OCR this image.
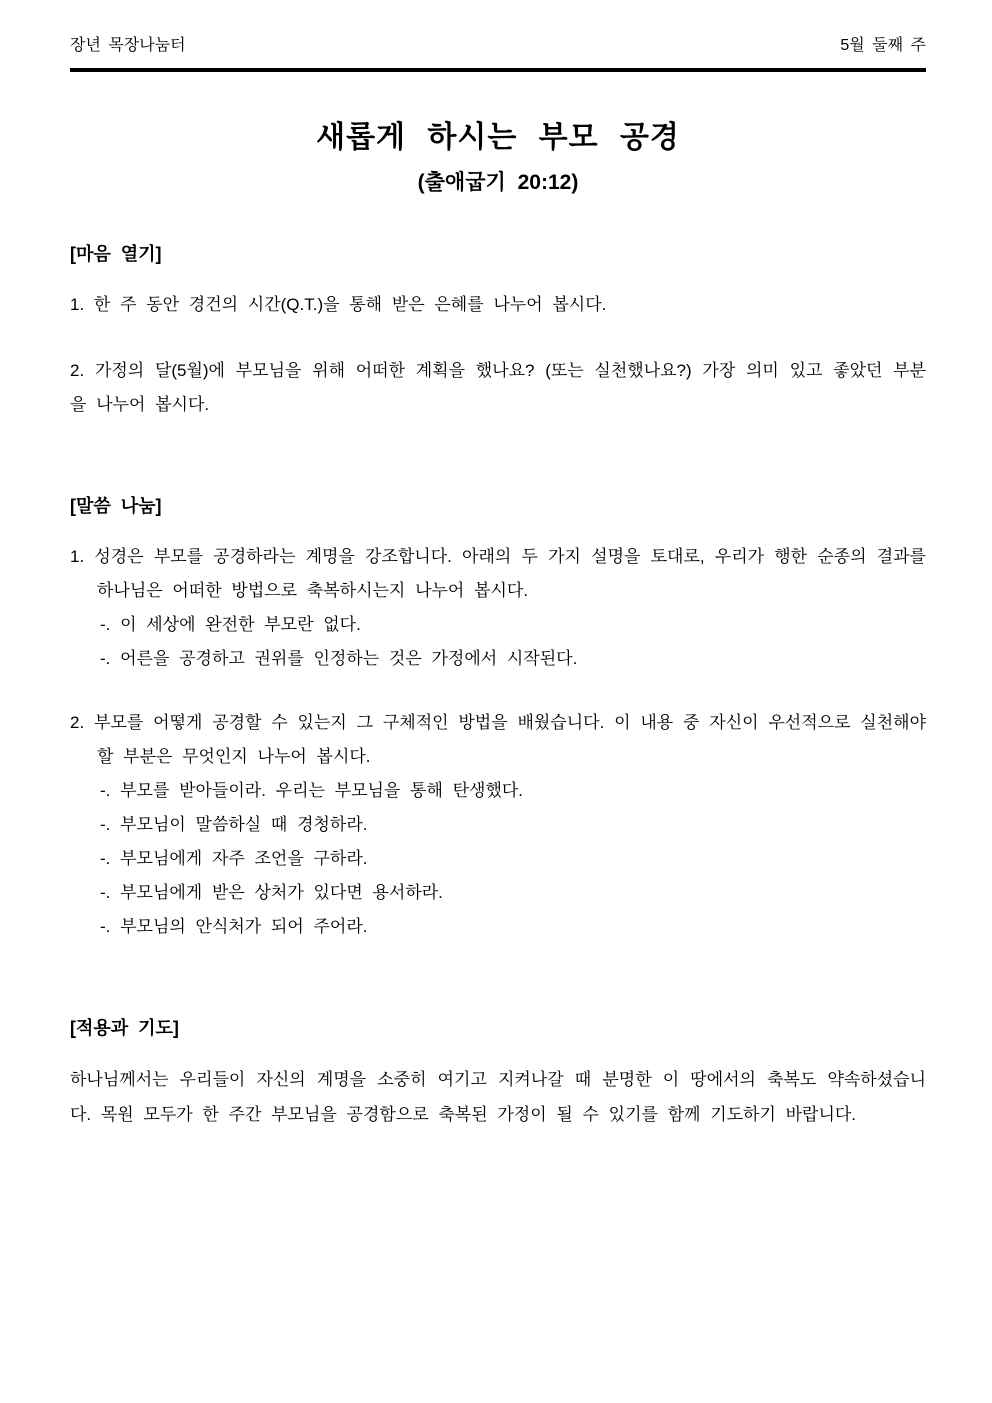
장년 목장나눔터	5월 둘째 주
새롭게 하시는 부모 공경
(출애굽기 20:12)
[마음 열기]

1. 한 주 동안 경건의 시간(Q.T.)을 통해 받은 은혜를 나누어 봅시다.

2. 가정의 달(5월)에 부모님을 위해 어떠한 계획을 했나요? (또는 실천했나요?) 가장 의미 있고 좋았던 부분을 나누어 봅시다.

[말씀 나눔]

1. 성경은 부모를 공경하라는 계명을 강조합니다. 아래의 두 가지 설명을 토대로, 우리가 행한 순종의 결과를 하나님은 어떠한 방법으로 축복하시는지 나누어 봅시다.

-. 이 세상에 완전한 부모란 없다.
-. 어른을 공경하고 권위를 인정하는 것은 가정에서 시작된다.

2. 부모를 어떻게 공경할 수 있는지 그 구체적인 방법을 배웠습니다. 이 내용 중 자신이 우선적으로 실천해야 할 부분은 무엇인지 나누어 봅시다.

-. 부모를 받아들이라. 우리는 부모님을 통해 탄생했다.
-. 부모님이 말씀하실 때 경청하라.
-. 부모님에게 자주 조언을 구하라.
-. 부모님에게 받은 상처가 있다면 용서하라.
-. 부모님의 안식처가 되어 주어라.
[적용과 기도]

하나님께서는 우리들이 자신의 계명을 소중히 여기고 지켜나갈 때 분명한 이 땅에서의 축복도 약속하셨습니다. 목원 모두가 한 주간 부모님을 공경함으로 축복된 가정이 될 수 있기를 함께 기도하기 바랍니다.
